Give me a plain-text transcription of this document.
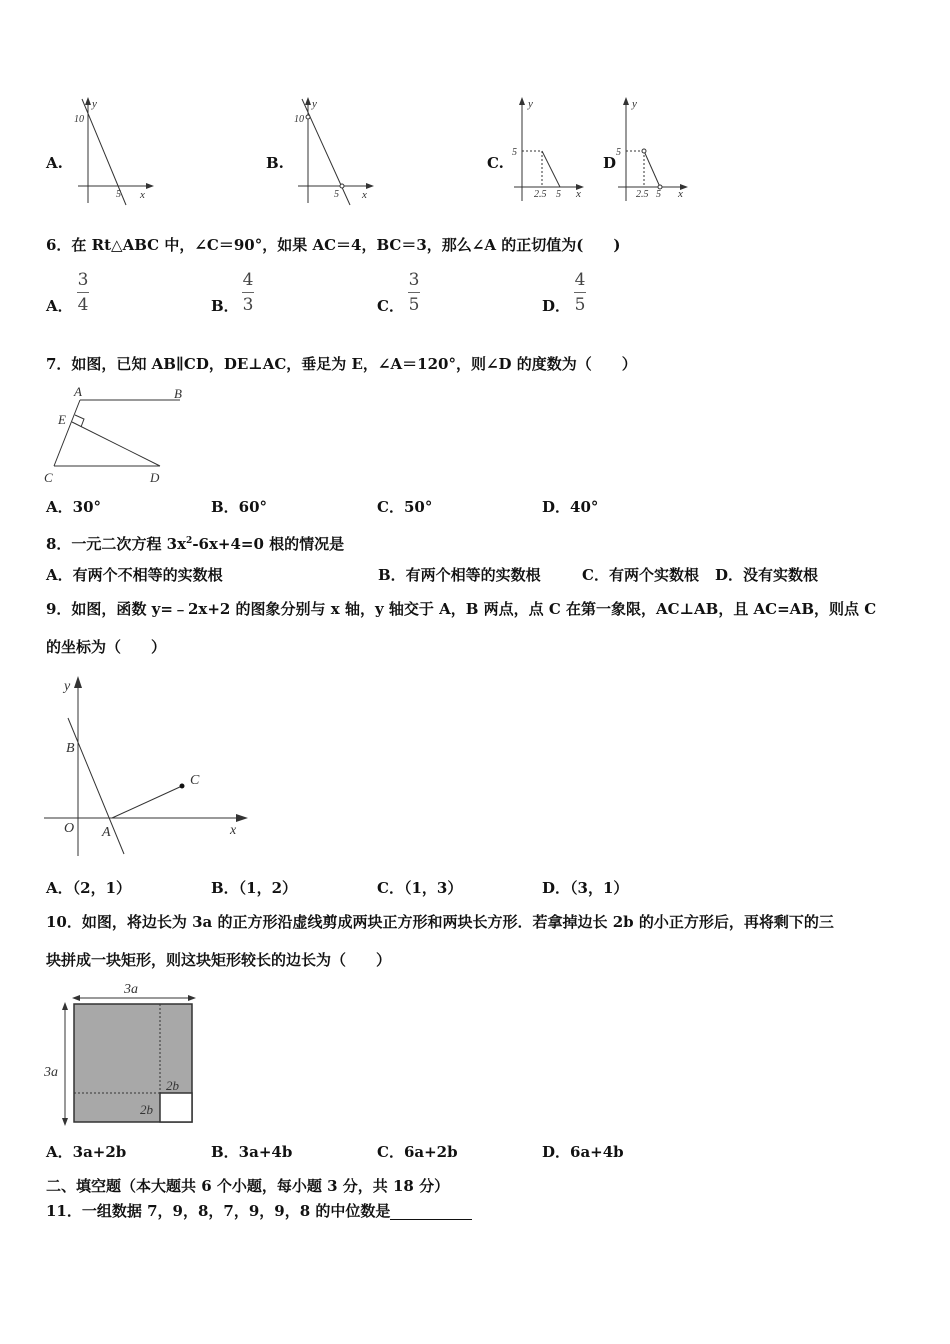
A.
y
x
10
5
B.
y
x
10
5
C.
y
x
5
2.5 5
D
y
x
5
2.5 5
6．在 Rt△ABC 中，∠C＝90°，如果 AC＝4，BC＝3，那么∠A 的正切值为(　　)
A．
3
4	B．
4
3	C．
3
5	D．
4
5
7．如图，已知 AB∥CD，DE⊥AC，垂足为 E，∠A＝120°，则∠D 的度数为（　　）
A	B
E
C	D
A．30°	B．60°	C．50°	D．40°
8．一元二次方程 $3x^2-6x+4=0$ 根的情况是
A．有两个不相等的实数根	B．有两个相等的实数根	C．有两个实数根 D．没有实数根
9．如图，函数 y=﹣2x+2 的图象分别与 x 轴，y 轴交于 A，B 两点，点 C 在第一象限，AC⊥AB，且 AC=AB，则点 C
的坐标为（　　）
y
x
O A
B
C
A．（2，1）	B．（1，2）	C．（1，3）	D．（3，1）
10．如图，将边长为 3a 的正方形沿虚线剪成两块正方形和两块长方形．若拿掉边长 2b 的小正方形后，再将剩下的三
块拼成一块矩形，则这块矩形较长的边长为（　　）
3a
3a
2b
2b
A．3a+2b	B．3a+4b	C．6a+2b	D．6a+4b
二、填空题（本大题共 6 个小题，每小题 3 分，共 18 分）
11．一组数据 7，9，8，7，9，9，8 的中位数是
